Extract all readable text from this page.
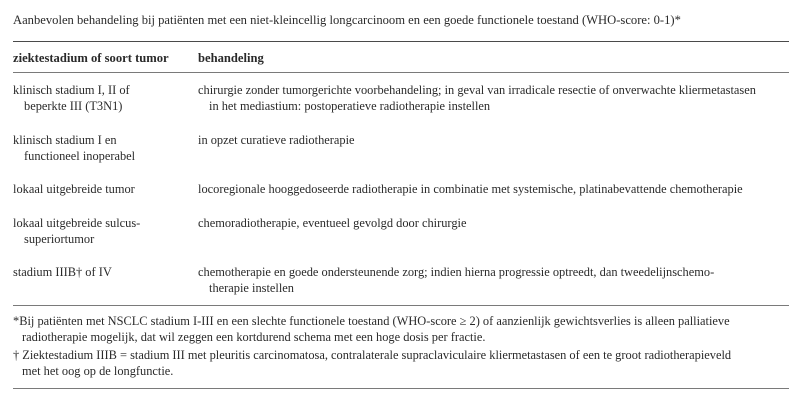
Aanbevolen behandeling bij patiënten met een niet-kleincellig longcarcinoom en een goede functionele toestand (WHO-score: 0-1)*
ziektestadium of soort tumor behandeling
klinisch stadium I, II of
beperkte III (T3N1)
chirurgie zonder tumorgerichte voorbehandeling; in geval van irradicale resectie of onverwachte kliermetastasen
in het mediastium: postoperatieve radiotherapie instellen
klinisch stadium I en
functioneel inoperabel
in opzet curatieve radiotherapie
lokaal uitgebreide tumor	locoregionale hooggedoseerde radiotherapie in combinatie met systemische, platinabevattende chemotherapie
lokaal uitgebreide sulcus-
superiortumor
chemoradiotherapie, eventueel gevolgd door chirurgie
stadium IIIB† of IV	chemotherapie en goede ondersteunende zorg; indien hierna progressie optreedt, dan tweedelijnschemo-
therapie instellen
*Bij patiënten met NSCLC stadium I-III en een slechte functionele toestand (WHO-score ≥ 2) of aanzienlijk gewichtsverlies is alleen palliatieve
radiotherapie mogelijk, dat wil zeggen een kortdurend schema met een hoge dosis per fractie.
† Ziektestadium IIIB = stadium III met pleuritis carcinomatosa, contralaterale supraclaviculaire kliermetastasen of een te groot radiotherapieveld
met het oog op de longfunctie.
